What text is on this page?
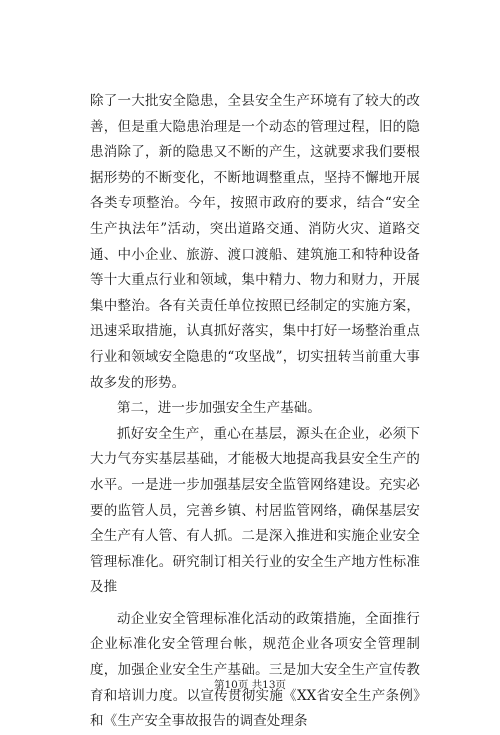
除了一大批安全隐患，全县安全生产环境有了较大的改善，但是重大隐患治理是一个动态的管理过程，旧的隐患消除了，新的隐患又不断的产生，这就要求我们要根据形势的不断变化，不断地调整重点，坚持不懈地开展各类专项整治。今年，按照市政府的要求，结合“安全生产执法年”活动，突出道路交通、消防火灾、道路交通、中小企业、旅游、渡口渡船、建筑施工和特种设备等十大重点行业和领域，集中精力、物力和财力，开展集中整治。各有关责任单位按照已经制定的实施方案，迅速采取措施，认真抓好落实，集中打好一场整治重点行业和领域安全隐患的“攻坚战”，切实扭转当前重大事故多发的形势。

第二，进一步加强安全生产基础。

抓好安全生产，重心在基层，源头在企业，必须下大力气夯实基层基础，才能极大地提高我县安全生产的水平。一是进一步加强基层安全监管网络建设。充实必要的监管人员，完善乡镇、村居监管网络，确保基层安全生产有人管、有人抓。二是深入推进和实施企业安全管理标准化。研究制订相关行业的安全生产地方性标准及推

动企业安全管理标准化活动的政策措施，全面推行企业标准化安全管理台帐，规范企业各项安全管理制度，加强企业安全生产基础。三是加大安全生产宣传教育和培训力度。以宣传贯彻实施《XX省安全生产条例》和《生产安全事故报告的调查处理条

第10页 共13页
